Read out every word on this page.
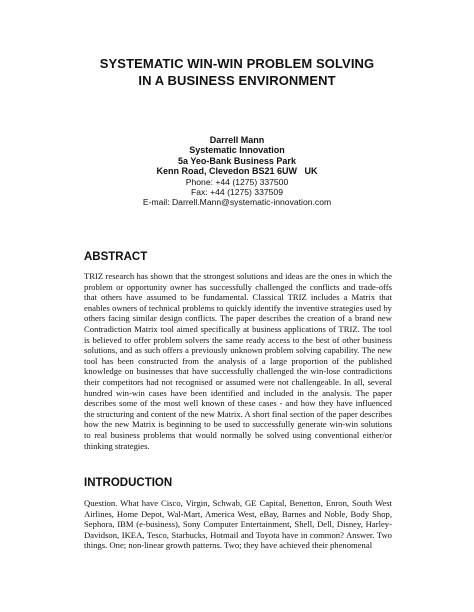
SYSTEMATIC WIN-WIN PROBLEM SOLVING
IN A BUSINESS ENVIRONMENT
Darrell Mann
Systematic Innovation
5a Yeo-Bank Business Park
Kenn Road, Clevedon BS21 6UW   UK
Phone: +44 (1275) 337500
Fax: +44 (1275) 337509
E-mail: Darrell.Mann@systematic-innovation.com
ABSTRACT

TRIZ research has shown that the strongest solutions and ideas are the ones in which the problem or opportunity owner has successfully challenged the conflicts and trade-offs that others have assumed to be fundamental. Classical TRIZ includes a Matrix that enables owners of technical problems to quickly identify the inventive strategies used by others facing similar design conflicts. The paper describes the creation of a brand new Contradiction Matrix tool aimed specifically at business applications of TRIZ. The tool is believed to offer problem solvers the same ready access to the best of other business solutions, and as such offers a previously unknown problem solving capability. The new tool has been constructed from the analysis of a large proportion of the published knowledge on businesses that have successfully challenged the win-lose contradictions their competitors had not recognised or assumed were not challengeable. In all, several hundred win-win cases have been identified and included in the analysis. The paper describes some of the most well known of these cases - and how they have influenced the structuring and content of the new Matrix. A short final section of the paper describes how the new Matrix is beginning to be used to successfully generate win-win solutions to real business problems that would normally be solved using conventional either/or thinking strategies.

INTRODUCTION

Question. What have Cisco, Virgin, Schwab, GE Capital, Benetton, Enron, South West Airlines, Home Depot, Wal-Mart, America West, eBay, Barnes and Noble, Body Shop, Sephora, IBM (e-business), Sony Computer Entertainment, Shell, Dell, Disney, Harley-Davidson, IKEA, Tesco, Starbucks, Hotmail and Toyota have in common? Answer. Two things. One; non-linear growth patterns. Two; they have achieved their phenomenal
